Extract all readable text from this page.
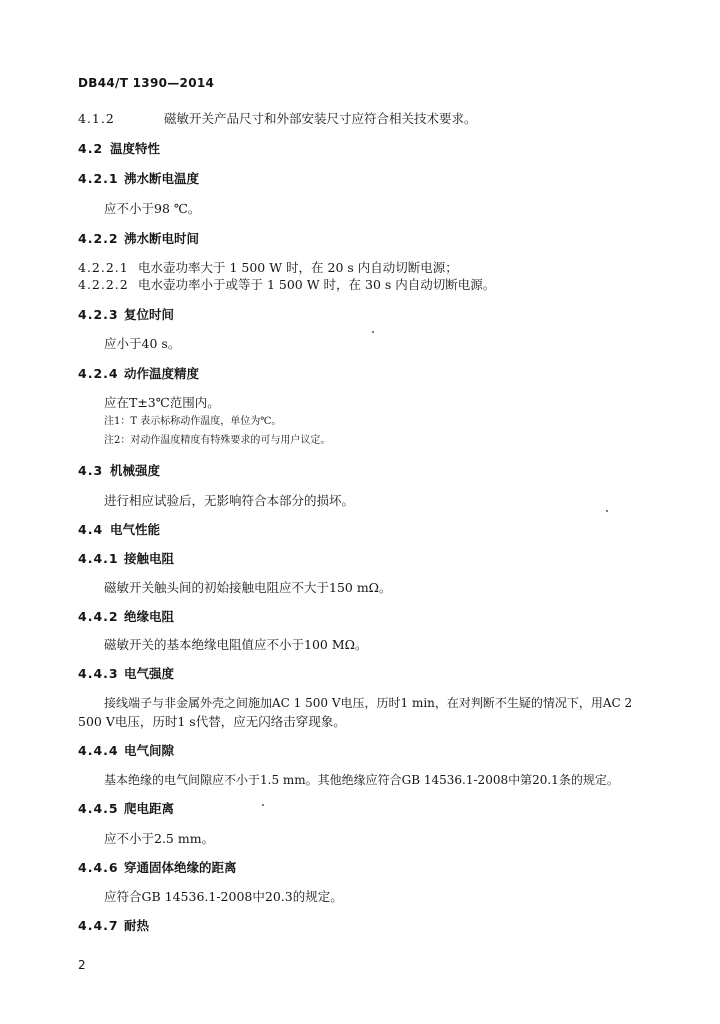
DB44/T 1390—2014
4.1.2	磁敏开关产品尺寸和外部安装尺寸应符合相关技术要求。
4.2 温度特性
4.2.1 沸水断电温度
应不小于98 ℃。
4.2.2 沸水断电时间
4.2.2.1 电水壶功率大于 1 500 W 时，在 20 s 内自动切断电源；
4.2.2.2 电水壶功率小于或等于 1 500 W 时，在 30 s 内自动切断电源。
4.2.3 复位时间
应小于40 s。
4.2.4 动作温度精度
应在T±3℃范围内。
注1：T 表示标称动作温度，单位为℃。
注2：对动作温度精度有特殊要求的可与用户议定。
4.3 机械强度
进行相应试验后，无影响符合本部分的损坏。
4.4 电气性能
4.4.1 接触电阻
磁敏开关触头间的初始接触电阻应不大于150 mΩ。
4.4.2 绝缘电阻
磁敏开关的基本绝缘电阻值应不小于100 MΩ。
4.4.3 电气强度
接线端子与非金属外壳之间施加AC 1 500 V电压，历时1 min，在对判断不生疑的情况下，用AC 2
500 V电压，历时1 s代替，应无闪络击穿现象。
4.4.4 电气间隙
基本绝缘的电气间隙应不小于1.5 mm。其他绝缘应符合GB 14536.1-2008中第20.1条的规定。
4.4.5 爬电距离
应不小于2.5 mm。
4.4.6 穿通固体绝缘的距离
应符合GB 14536.1-2008中20.3的规定。
4.4.7 耐热
2
